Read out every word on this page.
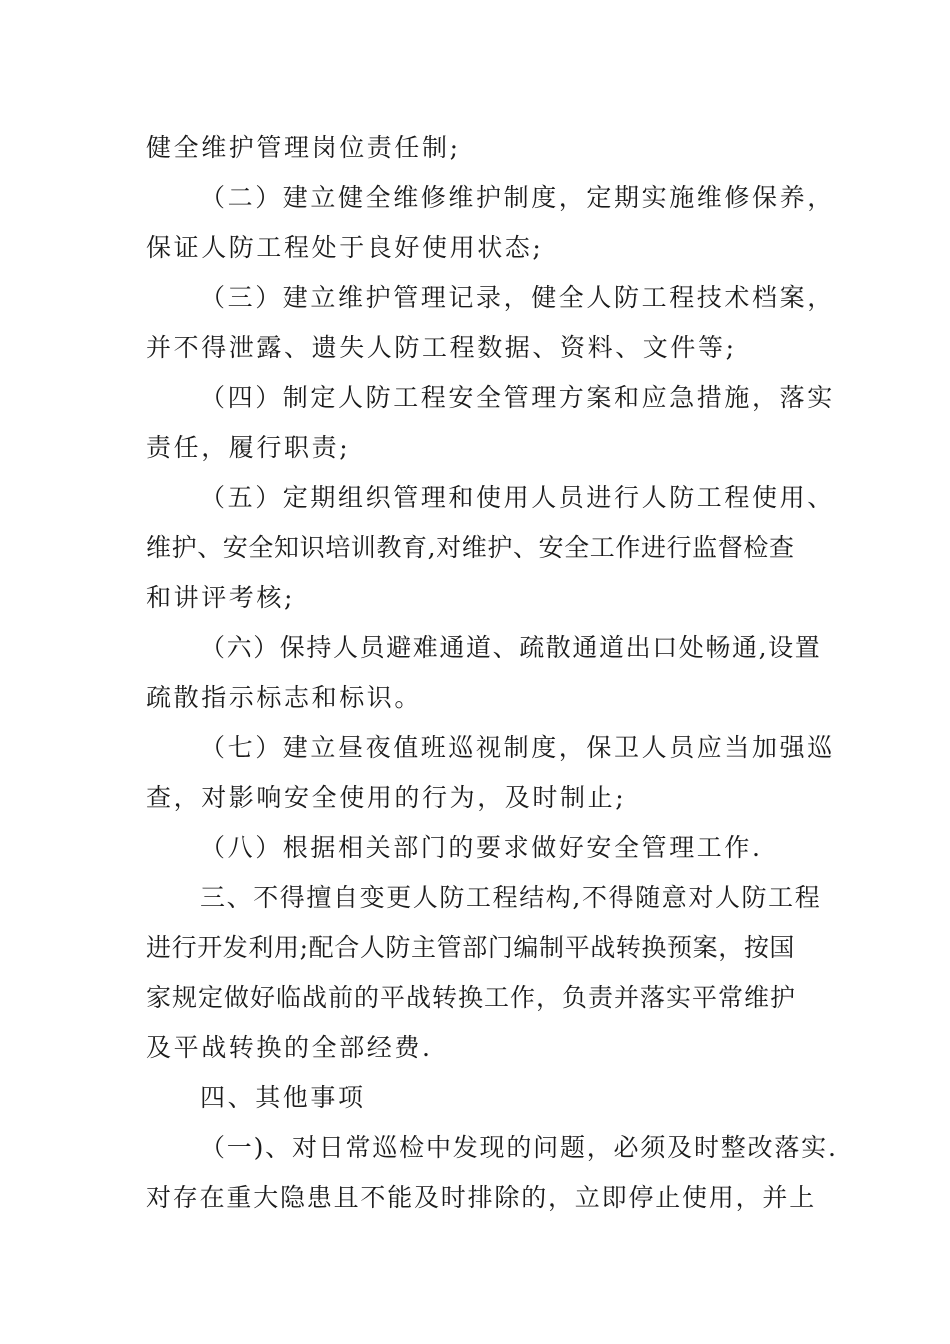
健全维护管理岗位责任制;
（二）建立健全维修维护制度，定期实施维修保养，
保证人防工程处于良好使用状态;
（三）建立维护管理记录，健全人防工程技术档案，
并不得泄露、遗失人防工程数据、资料、文件等;
（四）制定人防工程安全管理方案和应急措施，落实
责任，履行职责;
（五）定期组织管理和使用人员进行人防工程使用、
维护、安全知识培训教育,对维护、安全工作进行监督检查
和讲评考核;
（六）保持人员避难通道、疏散通道出口处畅通,设置
疏散指示标志和标识。
（七）建立昼夜值班巡视制度，保卫人员应当加强巡
查，对影响安全使用的行为，及时制止;
（八）根据相关部门的要求做好安全管理工作.
三、不得擅自变更人防工程结构,不得随意对人防工程
进行开发利用;配合人防主管部门编制平战转换预案，按国
家规定做好临战前的平战转换工作，负责并落实平常维护
及平战转换的全部经费.
四、其他事项
（一)、对日常巡检中发现的问题，必须及时整改落实.
对存在重大隐患且不能及时排除的，立即停止使用，并上
